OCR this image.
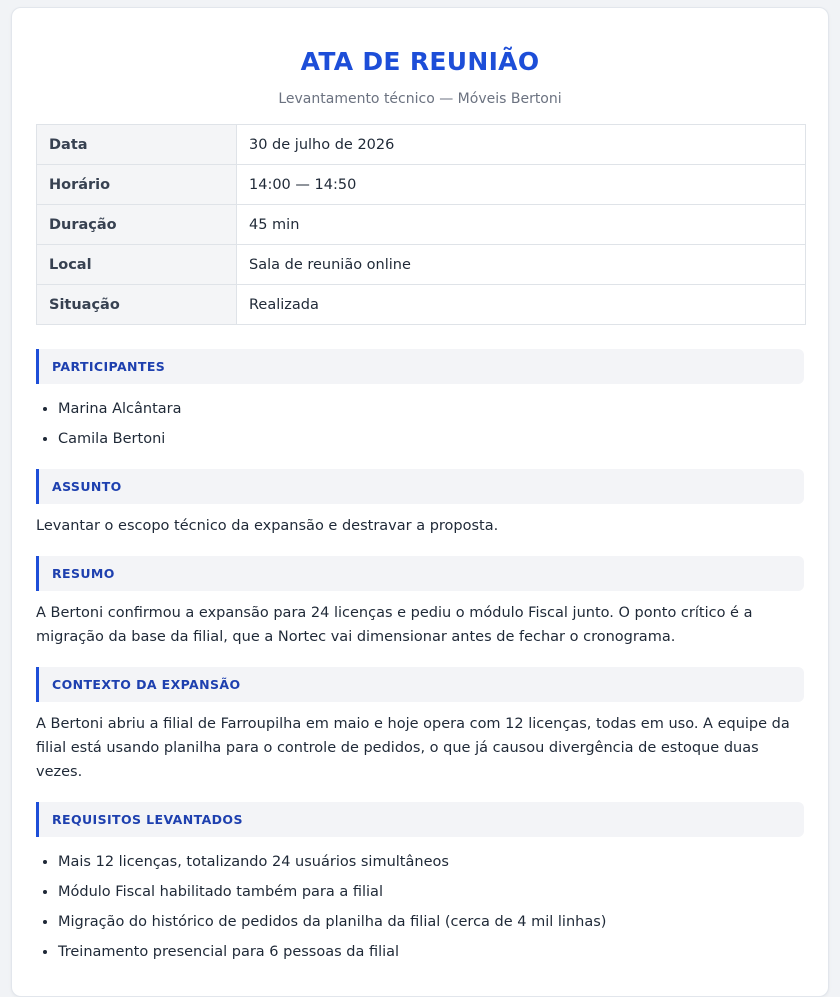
ATA DE REUNIÃO
Levantamento técnico — Móveis Bertoni
Data	30 de julho de 2026
Horário	14:00 — 14:50
Duração	45 min
Local	Sala de reunião online
Situação	Realizada
PARTICIPANTES
• Marina Alcântara
• Camila Bertoni
ASSUNTO

Levantar o escopo técnico da expansão e destravar a proposta.

RESUMO

A Bertoni confirmou a expansão para 24 licenças e pediu o módulo Fiscal junto. O ponto crítico é a migração da base da filial, que a Nortec vai dimensionar antes de fechar o cronograma.

CONTEXTO DA EXPANSÃO

A Bertoni abriu a filial de Farroupilha em maio e hoje opera com 12 licenças, todas em uso. A equipe da filial está usando planilha para o controle de pedidos, o que já causou divergência de estoque duas vezes.

REQUISITOS LEVANTADOS
• Mais 12 licenças, totalizando 24 usuários simultâneos
• Módulo Fiscal habilitado também para a filial
• Migração do histórico de pedidos da planilha da filial (cerca de 4 mil linhas)
• Treinamento presencial para 6 pessoas da filial
